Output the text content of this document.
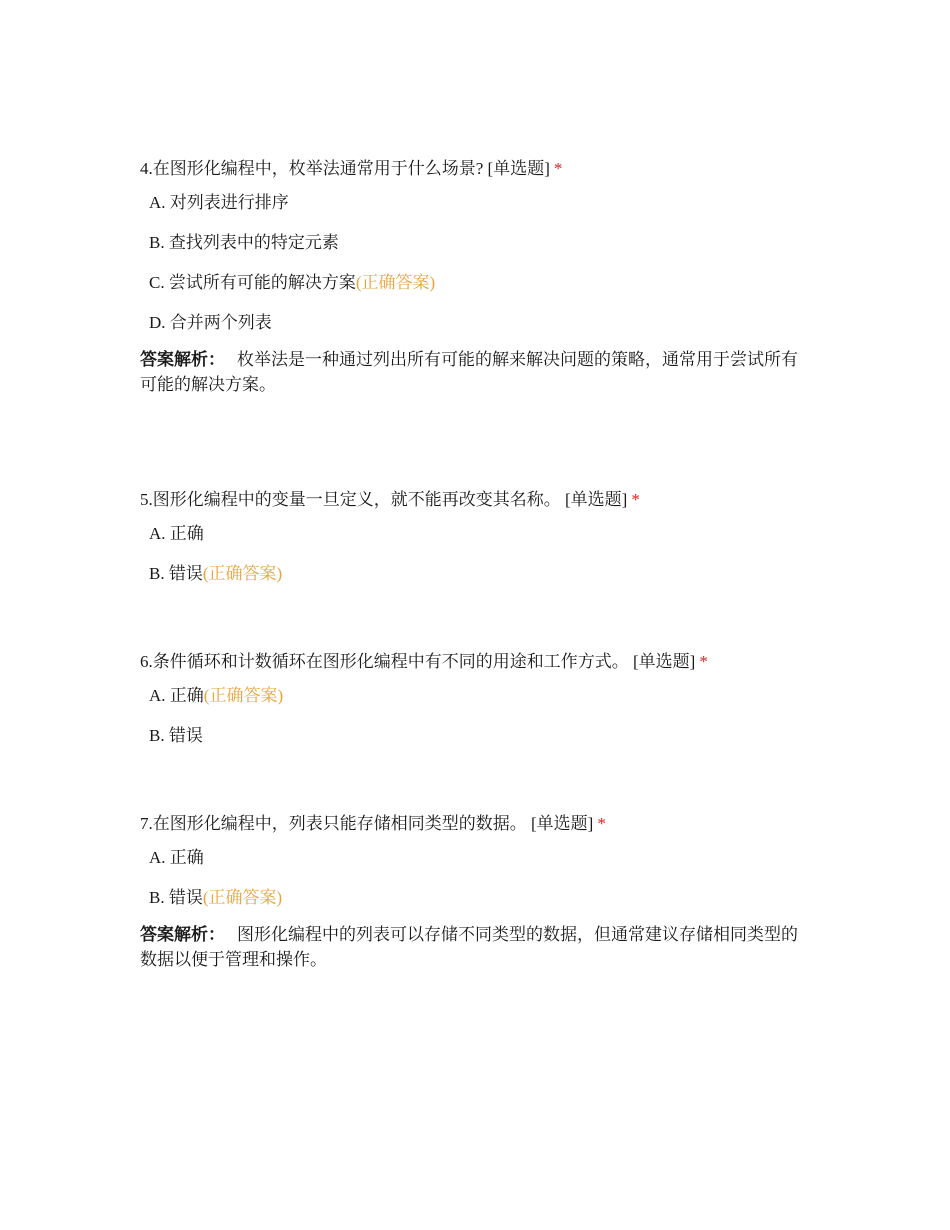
4.在图形化编程中，枚举法通常用于什么场景? [单选题] *
A. 对列表进行排序
B. 查找列表中的特定元素
C. 尝试所有可能的解决方案(正确答案)
D. 合并两个列表
答案解析： 枚举法是一种通过列出所有可能的解来解决问题的策略，通常用于尝试所有可能的解决方案。
5.图形化编程中的变量一旦定义，就不能再改变其名称。 [单选题] *
A. 正确
B. 错误(正确答案)
6.条件循环和计数循环在图形化编程中有不同的用途和工作方式。 [单选题] *
A. 正确(正确答案)
B. 错误
7.在图形化编程中，列表只能存储相同类型的数据。 [单选题] *
A. 正确
B. 错误(正确答案)
答案解析： 图形化编程中的列表可以存储不同类型的数据，但通常建议存储相同类型的数据以便于管理和操作。
